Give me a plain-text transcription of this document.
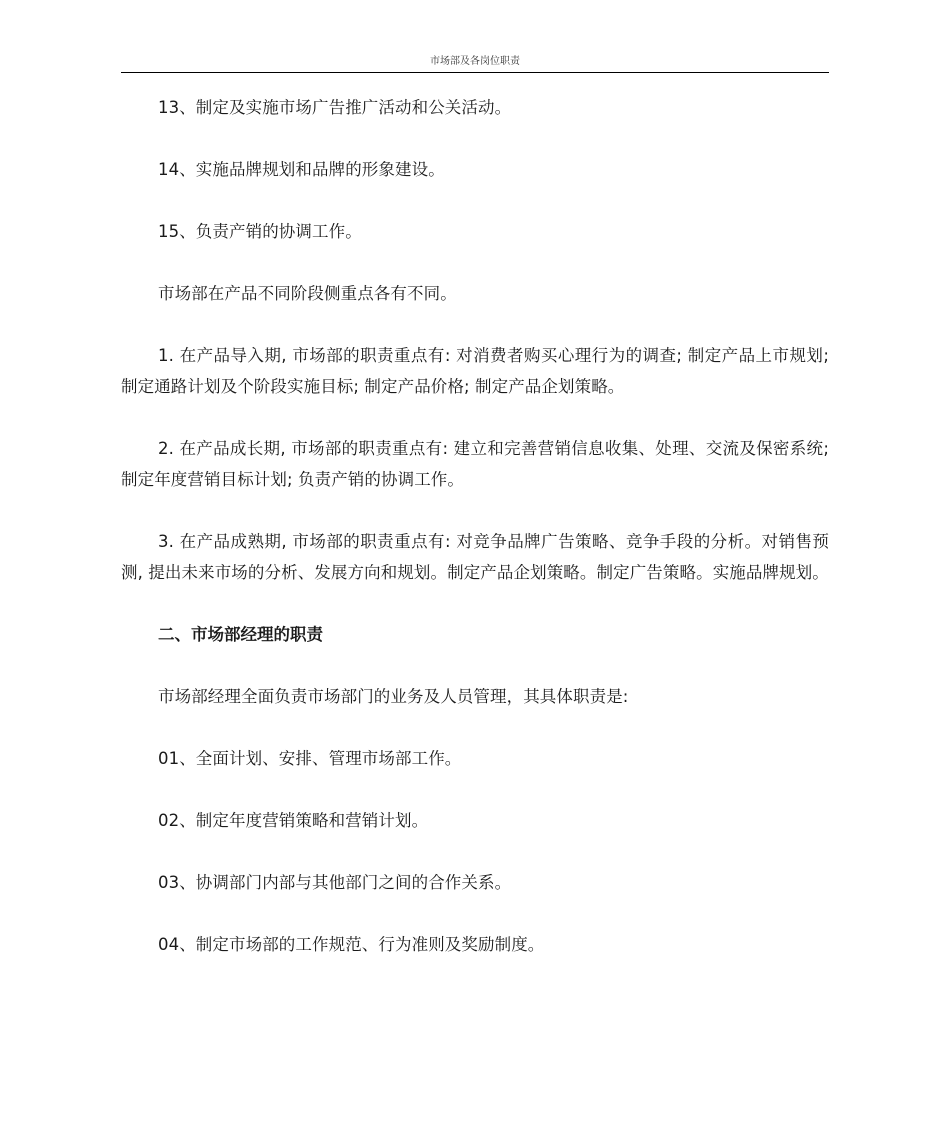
市场部及各岗位职责

13、制定及实施市场广告推广活动和公关活动。

14、实施品牌规划和品牌的形象建设。

15、负责产销的协调工作。

市场部在产品不同阶段侧重点各有不同。

1. 在产品导入期, 市场部的职责重点有: 对消费者购买心理行为的调查; 制定产品上市规划; 制定通路计划及个阶段实施目标; 制定产品价格; 制定产品企划策略。

2. 在产品成长期, 市场部的职责重点有: 建立和完善营销信息收集、处理、交流及保密系统; 制定年度营销目标计划; 负责产销的协调工作。

3. 在产品成熟期, 市场部的职责重点有: 对竞争品牌广告策略、竞争手段的分析。对销售预测, 提出未来市场的分析、发展方向和规划。制定产品企划策略。制定广告策略。实施品牌规划。

二、市场部经理的职责

市场部经理全面负责市场部门的业务及人员管理，其具体职责是:

01、全面计划、安排、管理市场部工作。

02、制定年度营销策略和营销计划。

03、协调部门内部与其他部门之间的合作关系。

04、制定市场部的工作规范、行为准则及奖励制度。
